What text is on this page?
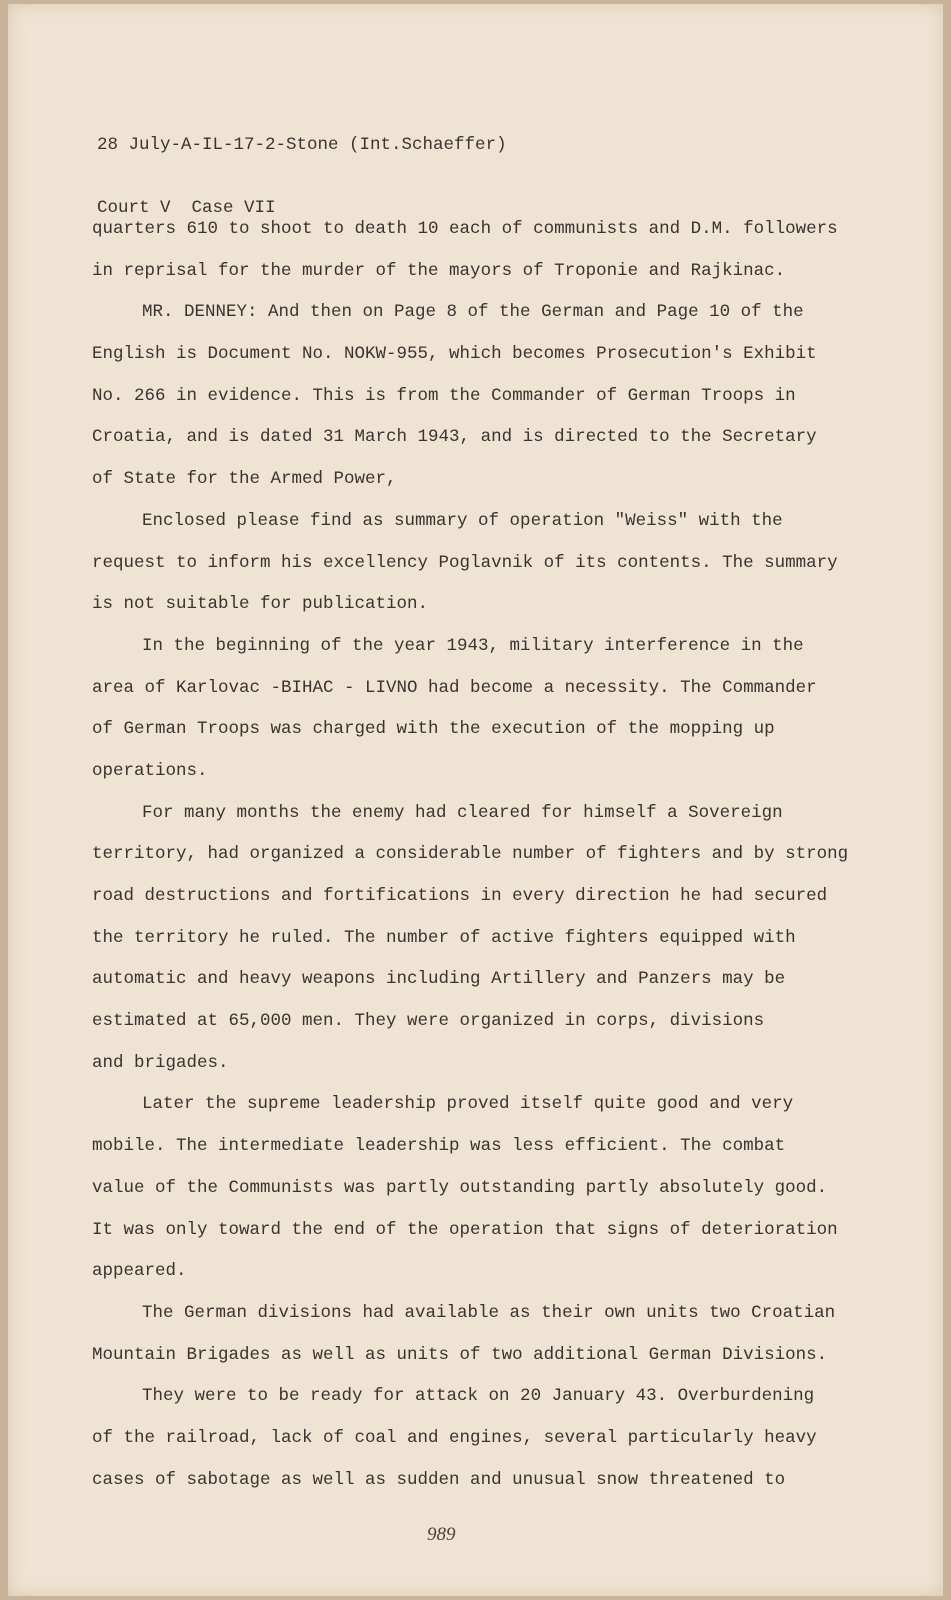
28 July-A-IL-17-2-Stone (Int.Schaeffer)

Court V  Case VII

quarters 610 to shoot to death 10 each of communists and D.M. followers
in reprisal for the murder of the mayors of Troponie and Rajkinac.
MR. DENNEY: And then on Page 8 of the German and Page 10 of the
English is Document No. NOKW-955, which becomes Prosecution's Exhibit
No. 266 in evidence. This is from the Commander of German Troops in
Croatia, and is dated 31 March 1943, and is directed to the Secretary
of State for the Armed Power,
Enclosed please find as summary of operation "Weiss" with the
request to inform his excellency Poglavnik of its contents. The summary
is not suitable for publication.
In the beginning of the year 1943, military interference in the
area of Karlovac -BIHAC - LIVNO had become a necessity. The Commander
of German Troops was charged with the execution of the mopping up
operations.
For many months the enemy had cleared for himself a Sovereign
territory, had organized a considerable number of fighters and by strong
road destructions and fortifications in every direction he had secured
the territory he ruled. The number of active fighters equipped with
automatic and heavy weapons including Artillery and Panzers may be
estimated at 65,000 men. They were organized in corps, divisions
and brigades.
Later the supreme leadership proved itself quite good and very
mobile. The intermediate leadership was less efficient. The combat
value of the Communists was partly outstanding partly absolutely good.
It was only toward the end of the operation that signs of deterioration
appeared.
The German divisions had available as their own units two Croatian
Mountain Brigades as well as units of two additional German Divisions.
They were to be ready for attack on 20 January 43. Overburdening
of the railroad, lack of coal and engines, several particularly heavy
cases of sabotage as well as sudden and unusual snow threatened to
989
